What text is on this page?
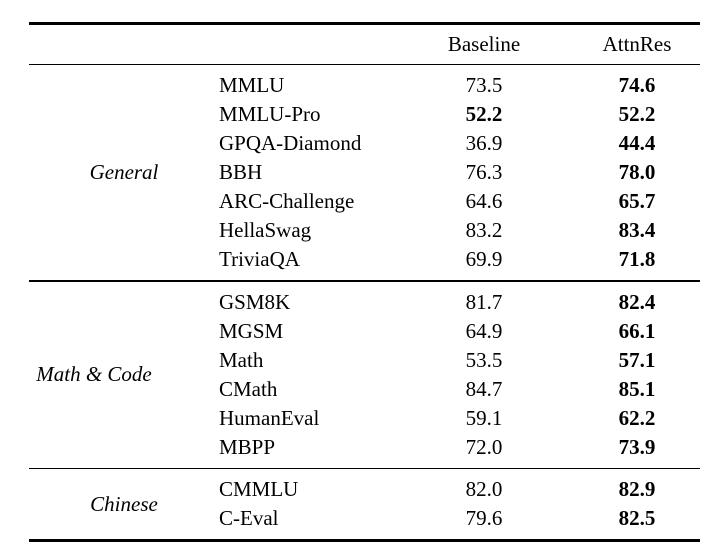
Baseline	AttnRes
General
MMLU	73.5	74.6
MMLU-Pro	52.2	52.2
GPQA-Diamond	36.9	44.4
BBH	76.3	78.0
ARC-Challenge	64.6	65.7
HellaSwag	83.2	83.4
TriviaQA	69.9	71.8
Math & Code
GSM8K	81.7	82.4
MGSM	64.9	66.1
Math	53.5	57.1
CMath	84.7	85.1
HumanEval	59.1	62.2
MBPP	72.0	73.9
Chinese
CMMLU	82.0	82.9
C-Eval	79.6	82.5
